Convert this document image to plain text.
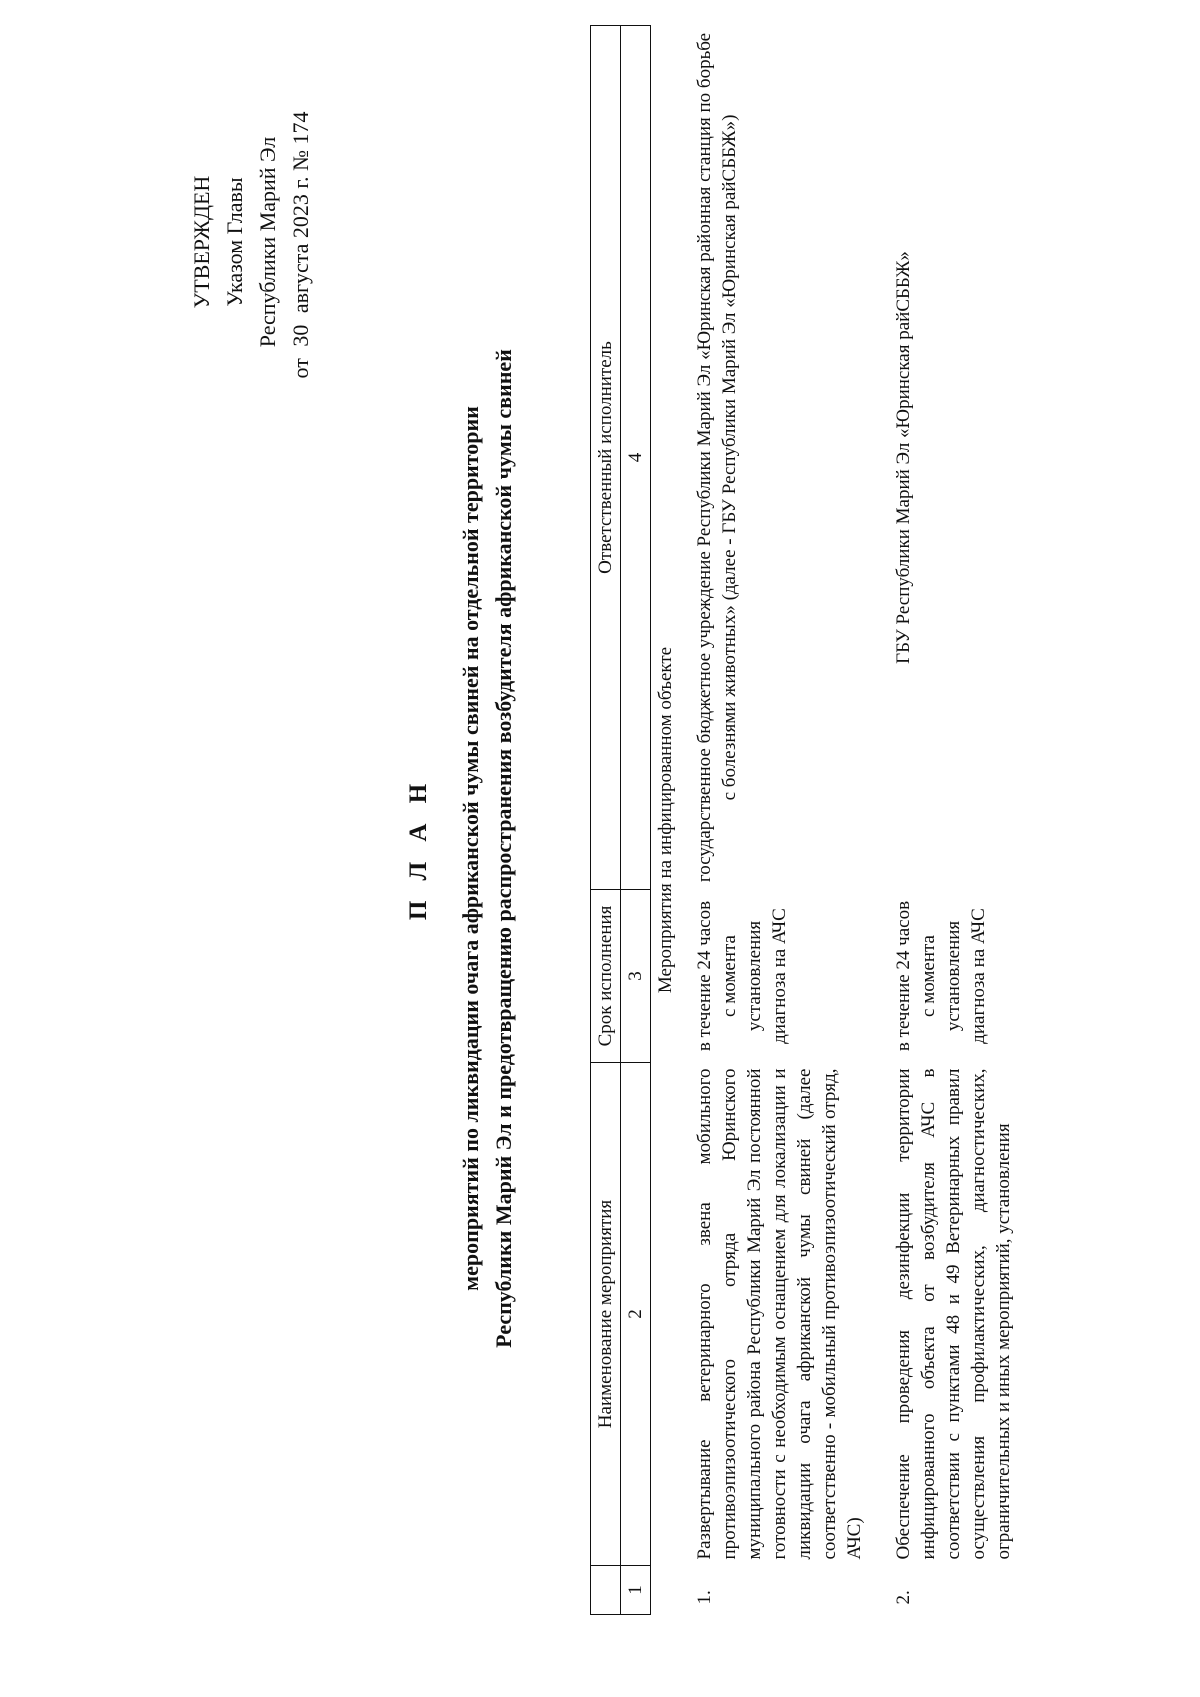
УТВЕРЖДЕН Указом Главы Республики Марий Эл
от 30 августа 2023 г. № 174
П Л А Н мероприятий по ликвидации очага африканской чумы свиней на отдельной территории Республики Марий Эл и предотвращению распространения возбудителя африканской чумы свиней
		Наименование мероприятия	Срок исполнения	Ответственный исполнитель
1	2	3	4
Мероприятия на инфицированном объекте			
1.	Развертывание ветеринарного звена мобильного противоэпизоотического отряда Юринского муниципального района Республики Марий Эл постоянной готовности с необходимым оснащением для локализации и ликвидации очага африканской чумы свиней (далее соответственно - мобильный противоэпизоотический отряд, АЧС)	в течение 24 часов с момента установления диагноза на АЧС	государственное бюджетное учреждение Республики Марий Эл «Юринская районная станция по борьбе с болезнями животных» (далее - ГБУ Республики Марий Эл «Юринская райСББЖ»)
2.	Обеспечение проведения дезинфекции территории инфицированного объекта от возбудителя АЧС в соответствии с пунктами 48 и 49 Ветеринарных правил осуществления профилактических, диагностических, ограничительных и иных мероприятий, установления	в течение 24 часов с момента установления диагноза на АЧС	ГБУ Республики Марий Эл «Юринская райСББЖ»
